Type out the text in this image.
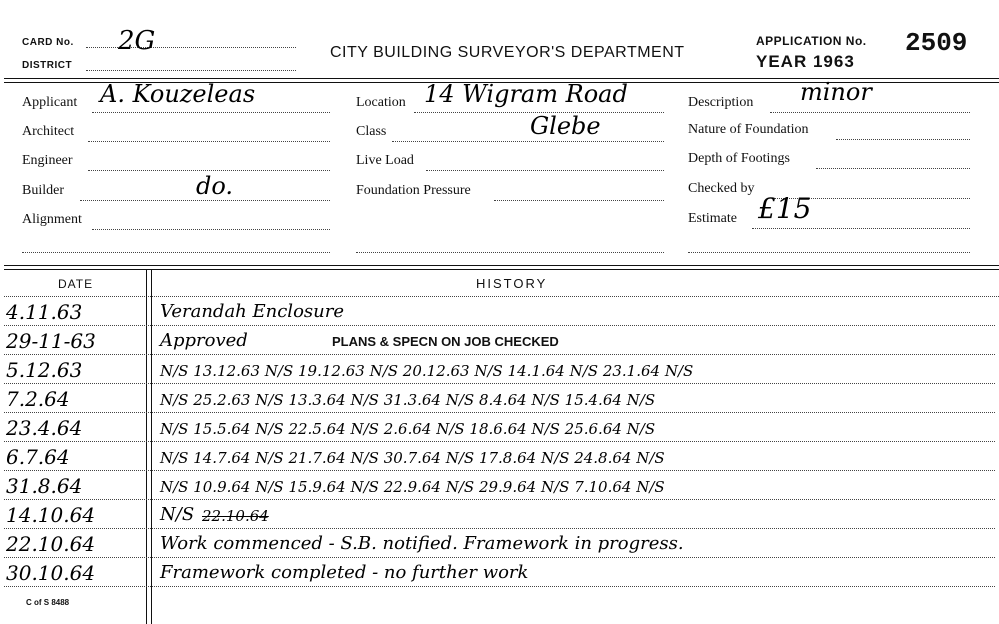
CARD No. 2G
DISTRICT
CITY BUILDING SURVEYOR'S DEPARTMENT
APPLICATION No. 2509
YEAR 1963
Applicant A. Kouzeleas
Architect
Engineer
Builder	do.
Alignment
Location 14 Wigram Road
Class	Glebe
Live Load
Foundation Pressure
Description minor
Nature of Foundation
Depth of Footings
Checked by
Estimate £15
DATE	HISTORY
4.11.63	Verandah Enclosure
29-11-63	Approved	PLANS & SPECN ON JOB CHECKED
5.12.63	N/S 13.12.63 N/S 19.12.63 N/S 20.12.63 N/S 14.1.64 N/S 23.1.64 N/S
7.2.64	N/S 25.2.63 N/S 13.3.64 N/S 31.3.64 N/S 8.4.64 N/S 15.4.64 N/S
23.4.64	N/S 15.5.64 N/S 22.5.64 N/S 2.6.64 N/S 18.6.64 N/S 25.6.64 N/S
6.7.64	N/S 14.7.64 N/S 21.7.64 N/S 30.7.64 N/S 17.8.64 N/S 24.8.64 N/S
31.8.64	N/S 10.9.64 N/S 15.9.64 N/S 22.9.64 N/S 29.9.64 N/S 7.10.64 N/S
14.10.64	N/S 22.10.64
22.10.64	Work commenced - S.B. notified. Framework in progress.
30.10.64	Framework completed - no further work
C of S 8488
